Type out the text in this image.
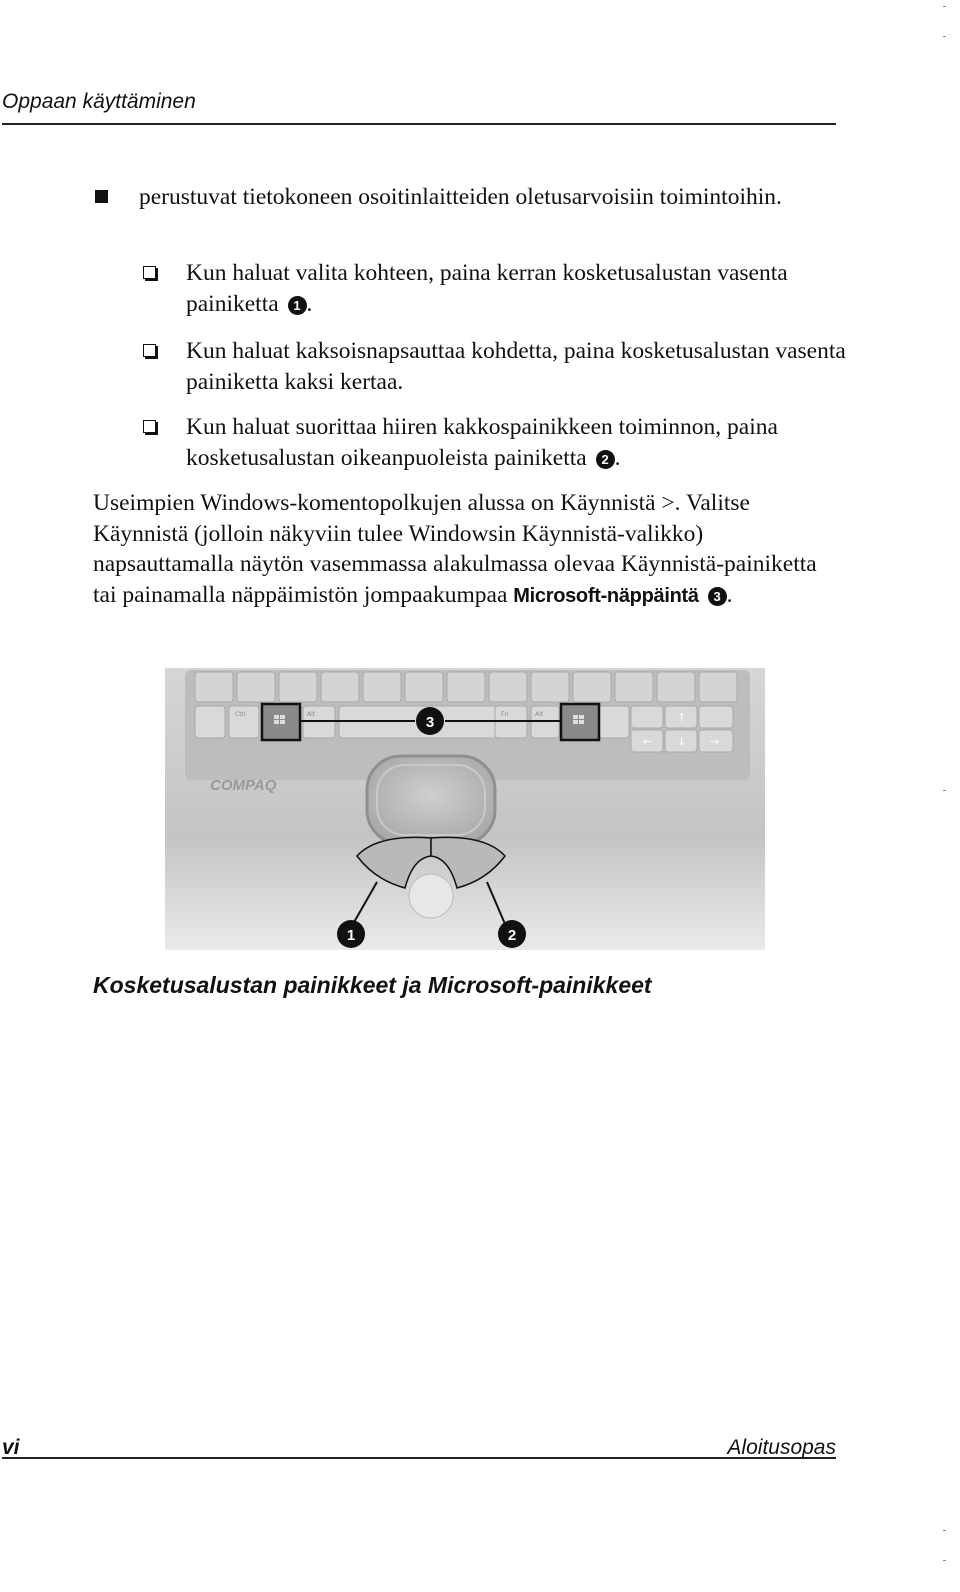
Oppaan käyttäminen
perustuvat tietokoneen osoitinlaitteiden oletusarvoisiin toimintoihin.
Kun haluat valita kohteen, paina kerran kosketusalustan vasenta painiketta 1 .
Kun haluat kaksoisnapsauttaa kohdetta, paina kosketusalustan vasenta painiketta kaksi kertaa.
Kun haluat suorittaa hiiren kakkospainikkeen toiminnon, paina kosketusalustan oikeanpuoleista painiketta 2 .
Useimpien Windows-komentopolkujen alussa on Käynnistä >. Valitse Käynnistä (jolloin näkyviin tulee Windowsin Käynnistä-valikko) napsauttamalla näytön vasemmassa alakulmassa olevaa Käynnistä-painiketta tai painamalla näppäimistön jompaakumpaa Microsoft-näppäintä 3 .
Ctrl	Alt	Alt
Fn	↑
← ↓ →
3
COMPAQ
1	2
Kosketusalustan painikkeet ja Microsoft-painikkeet
vi	Aloitusopas
